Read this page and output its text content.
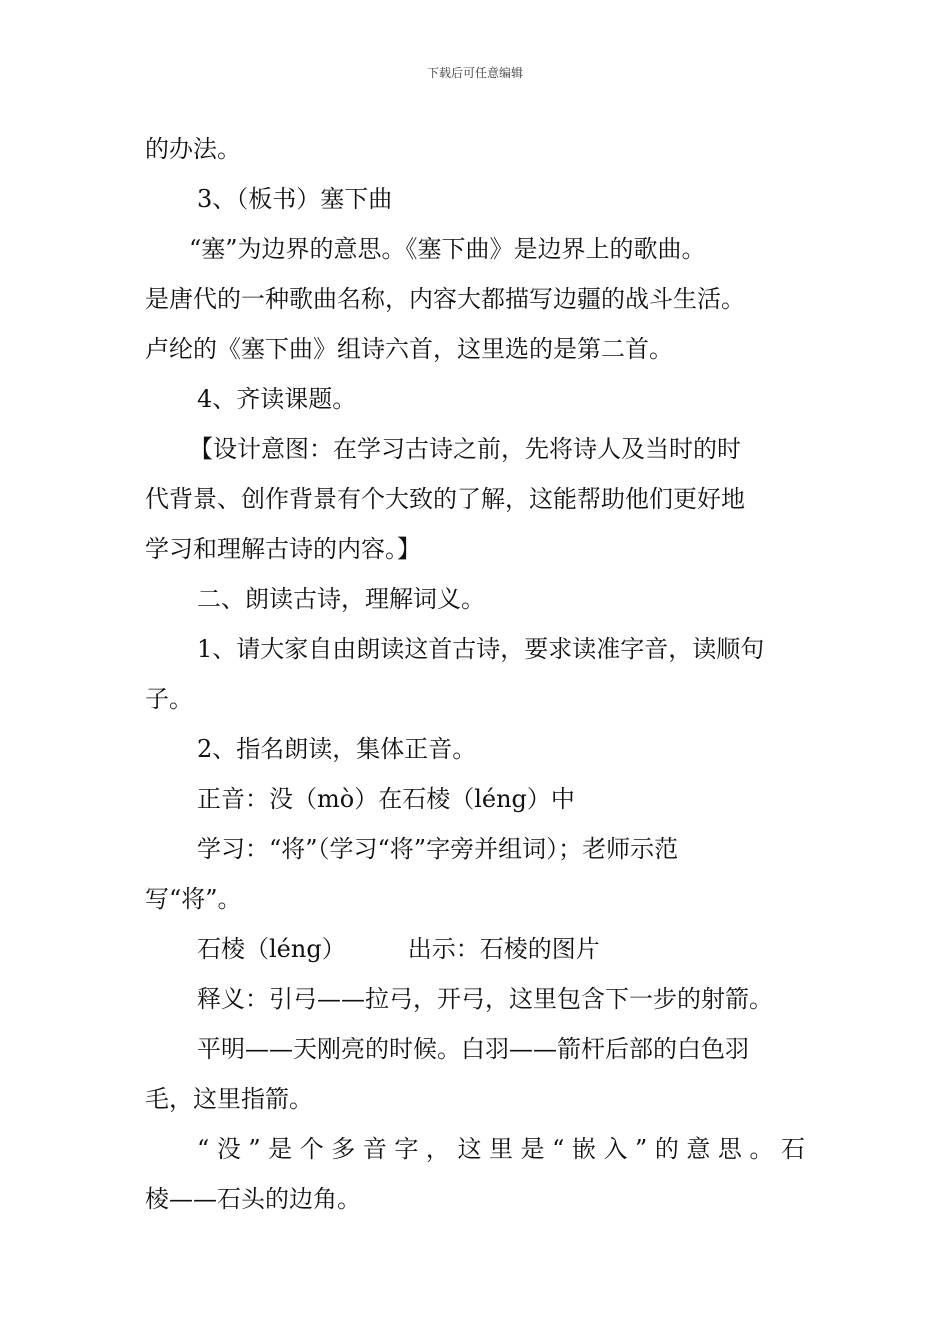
下载后可任意编辑
的办法。
3、（板书）塞下曲
“塞”为边界的意思。《塞下曲》是边界上的歌曲。
是唐代的一种歌曲名称，内容大都描写边疆的战斗生活。
卢纶的《塞下曲》组诗六首，这里选的是第二首。
4、齐读课题。
【设计意图：在学习古诗之前，先将诗人及当时的时
代背景、创作背景有个大致的了解，这能帮助他们更好地
学习和理解古诗的内容。】
二、朗读古诗，理解词义。
1、请大家自由朗读这首古诗，要求读准字音，读顺句
子。
2、指名朗读，集体正音。
正音：没（mò）在石棱（léng）中
学习：“将”（学习“将”字旁并组词）；老师示范
写“将”。
石棱（léng）	出示：石棱的图片
释义：引弓——拉弓，开弓，这里包含下一步的射箭。
平明——天刚亮的时候。白羽——箭杆后部的白色羽
毛，这里指箭。
“没”是个多音字，这里是“嵌入”的意思。石
棱——石头的边角。
